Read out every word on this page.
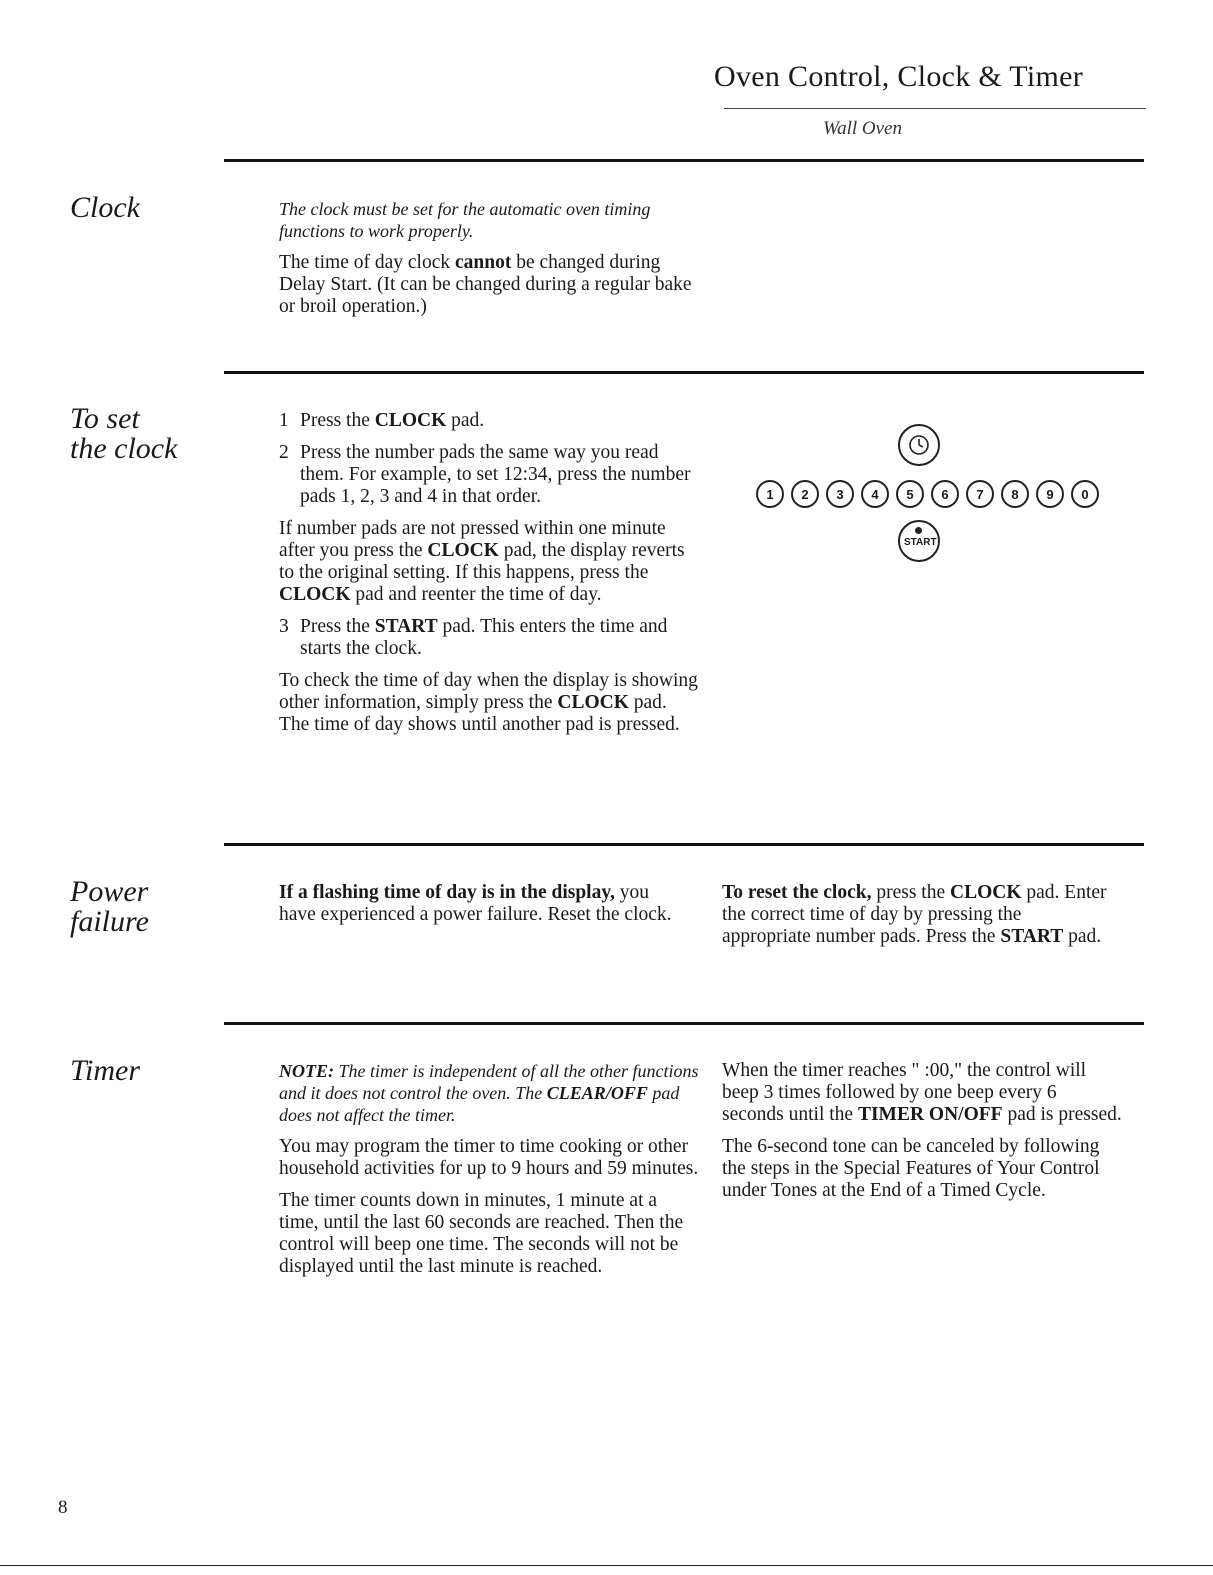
Oven Control, Clock & Timer
Wall Oven
Clock	The clock must be set for the automatic oven timing functions to work properly.

The time of day clock cannot be changed during Delay Start. (It can be changed during a regular bake or broil operation.)

To set
the clock
1 Press the CLOCK pad.
2 Press the number pads the same way you read them. For example, to set 12:34, press the number pads 1, 2, 3 and 4 in that order.

If number pads are not pressed within one minute after you press the CLOCK pad, the display reverts to the original setting. If this happens, press the CLOCK pad and reenter the time of day.

3 Press the START pad. This enters the time and starts the clock.

To check the time of day when the display is showing other information, simply press the CLOCK pad. The time of day shows until another pad is pressed.

1	2	3	4	5	6	7	8	9	0
START
Power
failure

If a flashing time of day is in the display, you have experienced a power failure. Reset the clock.

To reset the clock, press the CLOCK pad. Enter the correct time of day by pressing the appropriate number pads. Press the START pad.

Timer	NOTE: The timer is independent of all the other functions and it does not control the oven. The CLEAR/OFF pad does not affect the timer.

You may program the timer to time cooking or other household activities for up to 9 hours and 59 minutes.

The timer counts down in minutes, 1 minute at a time, until the last 60 seconds are reached. Then the control will beep one time. The seconds will not be displayed until the last minute is reached.

When the timer reaches " :00," the control will beep 3 times followed by one beep every 6 seconds until the TIMER ON/OFF pad is pressed.

The 6-second tone can be canceled by following the steps in the Special Features of Your Control under Tones at the End of a Timed Cycle.

8
